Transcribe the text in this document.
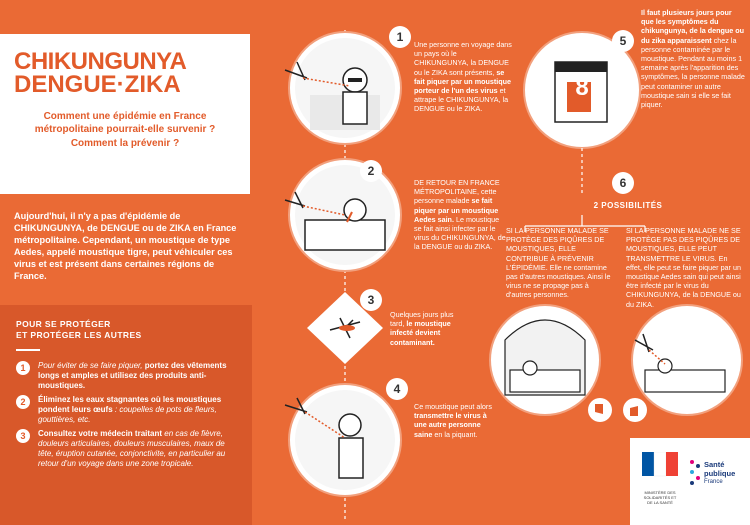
CHIKUNGUNYA
DENGUE·ZIKA
Comment une épidémie en France métropolitaine pourrait-elle survenir ?
Comment la prévenir ?
Aujourd'hui, il n'y a pas d'épidémie de CHIKUNGUNYA, de DENGUE ou de ZIKA en France métropolitaine. Cependant, un moustique de type Aedes, appelé moustique tigre, peut véhiculer ces virus et est présent dans certaines régions de France.
POUR SE PROTÉGER
ET PROTÉGER LES AUTRES
1	Pour éviter de se faire piquer, portez des vêtements longs et amples et utilisez des produits anti-moustiques.
2	Éliminez les eaux stagnantes où les moustiques pondent leurs œufs : coupelles de pots de fleurs, gouttières, etc.
3	Consultez votre médecin traitant en cas de fièvre, douleurs articulaires, douleurs musculaires, maux de tête, éruption cutanée, conjonctivite, en particulier au retour d'un voyage dans une zone tropicale.
1
Une personne en voyage dans un pays où le CHIKUNGUNYA, la DENGUE ou le ZIKA sont présents, se fait piquer par un moustique porteur de l'un des virus et attrape le CHIKUNGUNYA, la DENGUE ou le ZIKA.
2
DE RETOUR EN FRANCE MÉTROPOLITAINE, cette personne malade se fait piquer par un moustique Aedes sain. Le moustique se fait ainsi infecter par le virus du CHIKUNGUNYA, de la DENGUE ou du ZIKA.
3
Quelques jours plus tard, le moustique infecté devient contaminant.
4
Ce moustique peut alors transmettre le virus à une autre personne saine en la piquant.
5
Il faut plusieurs jours pour que les symptômes du chikungunya, de la dengue ou du zika apparaissent chez la personne contaminée par le moustique. Pendant au moins 1 semaine après l'apparition des symptômes, la personne malade peut contaminer un autre moustique sain si elle se fait piquer.
8
6
2 POSSIBILITÉS
SI LA PERSONNE MALADE SE PROTÈGE DES PIQÛRES DE MOUSTIQUES, ELLE CONTRIBUE À PRÉVENIR L'ÉPIDÉMIE. Elle ne contamine pas d'autres moustiques. Ainsi le virus ne se propage pas à d'autres personnes.
SI LA PERSONNE MALADE NE SE PROTÈGE PAS DES PIQÛRES DE MOUSTIQUES, ELLE PEUT TRANSMETTRE LE VIRUS. En effet, elle peut se faire piquer par un moustique Aedes sain qui peut ainsi être infecté par le virus du CHIKUNGUNYA, de la DENGUE ou du ZIKA.
MINISTÈRE DES SOLIDARITÉS ET DE LA SANTÉ
Santé
publique
France
